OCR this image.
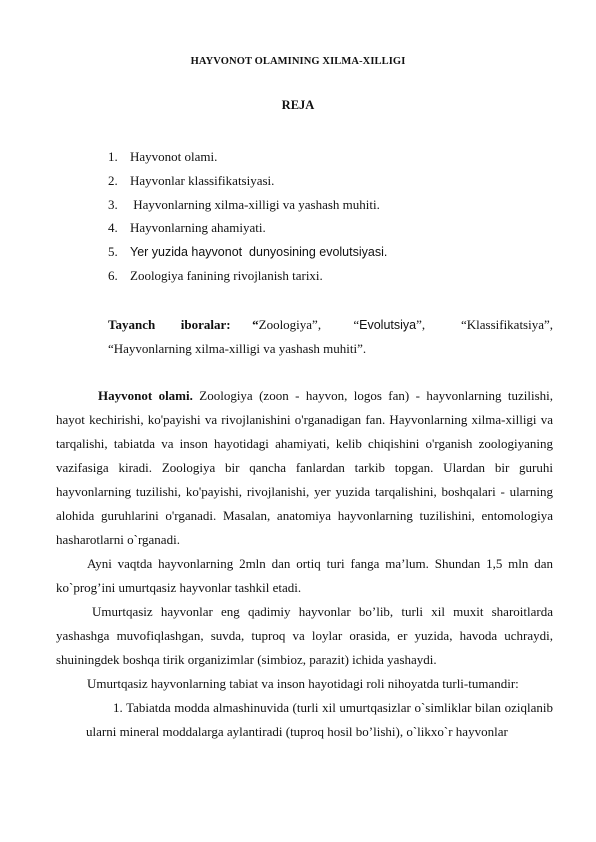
HAYVONOT OLAMINING XILMA-XILLIGI
REJA
1. Hayvonot olami.
2. Hayvonlar klassifikatsiyasi.
3. Hayvonlarning xilma-xilligi va yashash muhiti.
4. Hayvonlarning ahamiyati.
5. Yer yuzida hayvonot  dunyosining evolutsiyasi.
6. Zoologiya fanining rivojlanish tarixi.
Tayanch iboralar: “Zoologiya”, “Evolutsiya”,	“Klassifikatsiya”, “Hayvonlarning xilma-xilligi va yashash muhiti”.

Hayvonot olami. Zoologiya (zoon - hayvon, logos fan) - hayvonlarning tuzilishi, hayot kechirishi, ko'payishi va rivojlanishini o'rganadigan fan. Hayvonlarning xilma-xilligi va tarqalishi, tabiatda va inson hayotidagi ahamiyati, kelib chiqishini o'rganish zoologiyaning vazifasiga kiradi. Zoologiya bir qancha fanlardan tarkib topgan. Ulardan bir guruhi hayvonlarning tuzilishi, ko'payishi, rivojlanishi, yer yuzida tarqalishini, boshqalari - ularning alohida guruhlarini o'rganadi. Masalan, anatomiya hayvonlarning tuzilishini, entomologiya hasharotlarni o`rganadi.

Ayni vaqtda hayvonlarning 2mln dan ortiq turi fanga ma’lum. Shundan 1,5 mln dan ko`prog’ini umurtqasiz hayvonlar tashkil etadi.

Umurtqasiz hayvonlar eng qadimiy hayvonlar bo’lib, turli xil muxit sharoitlarda yashashga muvofiqlashgan, suvda, tuproq va loylar orasida, er yuzida, havoda uchraydi, shuiningdek boshqa tirik organizimlar (simbioz, parazit) ichida yashaydi.

Umurtqasiz hayvonlarning tabiat va inson hayotidagi roli nihoyatda turli-tumandir:

1. Tabiatda modda almashinuvida (turli xil umurtqasizlar o`simliklar bilan oziqlanib ularni mineral moddalarga aylantiradi (tuproq hosil bo’lishi), o`likxo`r hayvonlar
